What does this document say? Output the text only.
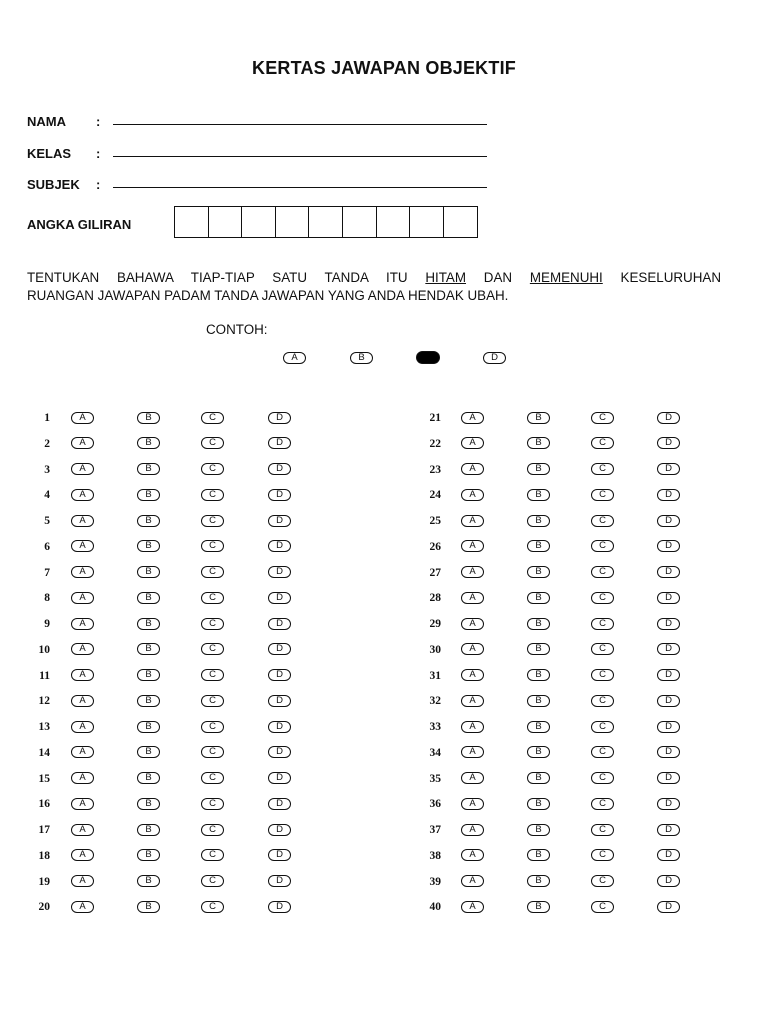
KERTAS JAWAPAN OBJEKTIF
NAMA :
KELAS :
SUBJEK :
ANGKA GILIRAN
TENTUKAN BAHAWA TIAP-TIAP SATU TANDA ITU HITAM DAN MEMENUHI KESELURUHAN
RUANGAN JAWAPAN PADAM TANDA JAWAPAN YANG ANDA HENDAK UBAH.
CONTOH:
A	B	D
1	A	B	C	D
2	A	B	C	D
3	A	B	C	D
4	A	B	C	D
5	A	B	C	D
6	A	B	C	D
7	A	B	C	D
8	A	B	C	D
9	A	B	C	D
10	A	B	C	D
11	A	B	C	D
12	A	B	C	D
13	A	B	C	D
14	A	B	C	D
15	A	B	C	D
16	A	B	C	D
17	A	B	C	D
18	A	B	C	D
19	A	B	C	D
20	A	B	C	D
21	A	B	C	D
22	A	B	C	D
23	A	B	C	D
24	A	B	C	D
25	A	B	C	D
26	A	B	C	D
27	A	B	C	D
28	A	B	C	D
29	A	B	C	D
30	A	B	C	D
31	A	B	C	D
32	A	B	C	D
33	A	B	C	D
34	A	B	C	D
35	A	B	C	D
36	A	B	C	D
37	A	B	C	D
38	A	B	C	D
39	A	B	C	D
40	A	B	C	D
